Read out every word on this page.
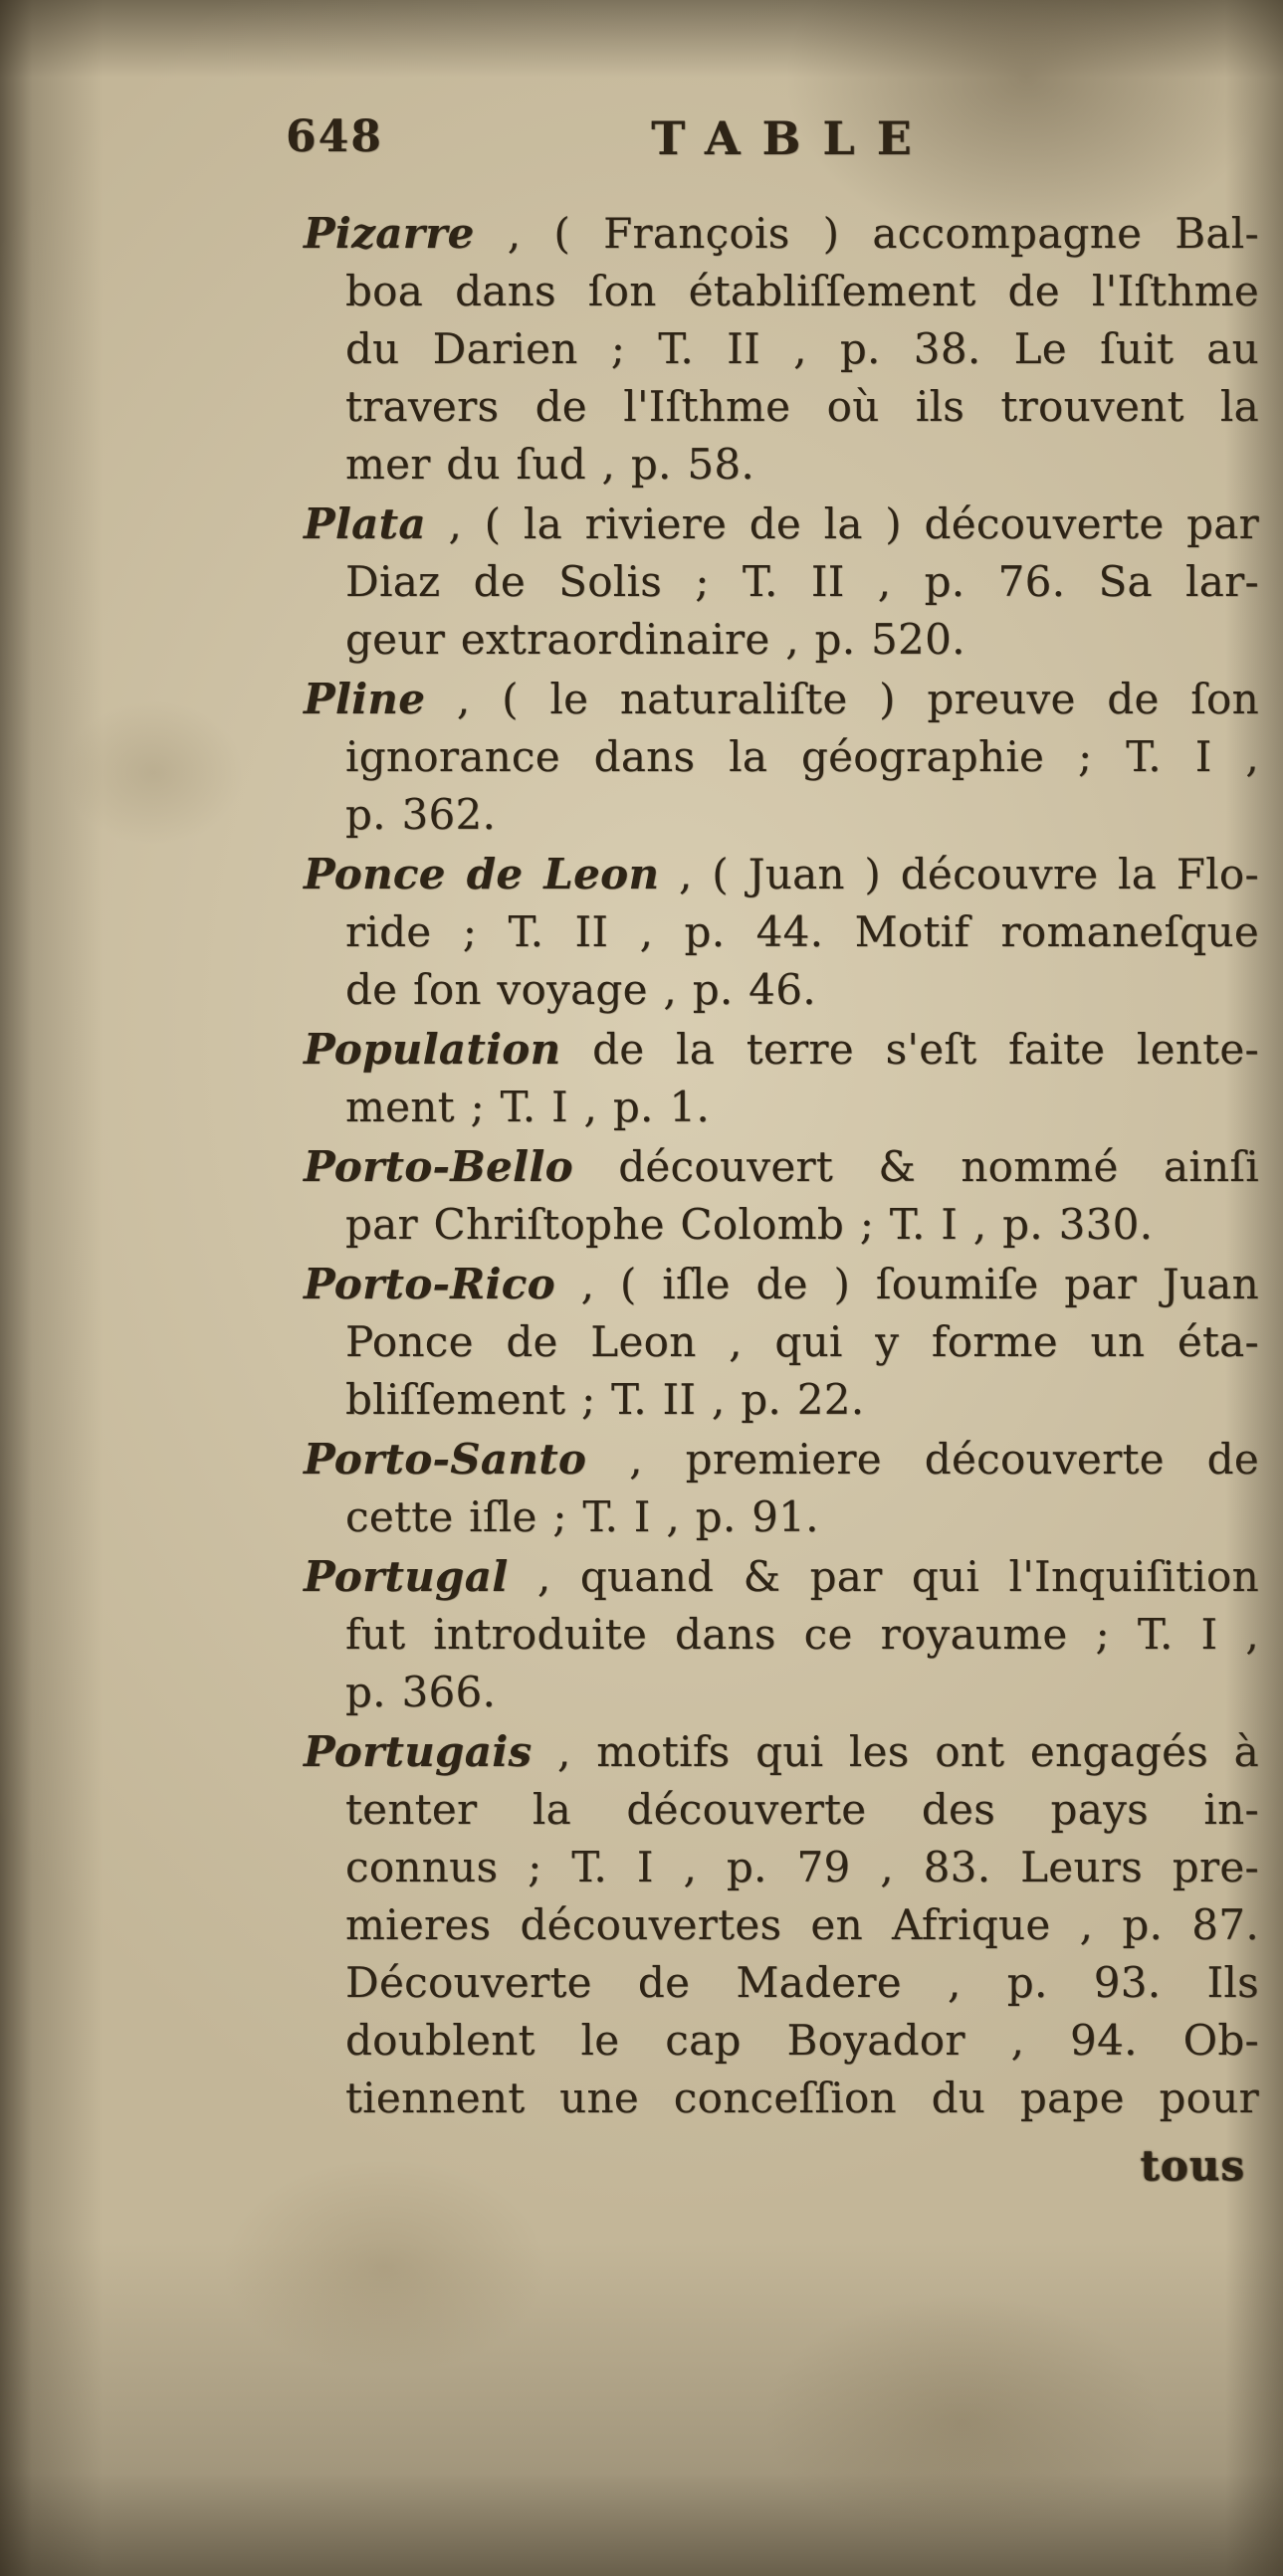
648	TABLE
Pizarre , ( François ) accompagne Bal-
boa dans ſon établiſſement de l'Iſthme
du Darien ; T. II , p. 38. Le ſuit au
travers de l'Iſthme où ils trouvent la
mer du ſud , p. 58.
Plata , ( la riviere de la ) découverte par
Diaz de Solis ; T. II , p. 76. Sa lar-
geur extraordinaire , p. 520.
Pline , ( le naturaliſte ) preuve de ſon
ignorance dans la géographie ; T. I ,
p. 362.
Ponce de Leon , ( Juan ) découvre la Flo-
ride ; T. II , p. 44. Motif romaneſque
de ſon voyage , p. 46.
Population de la terre s'eſt faite lente-
ment ; T. I , p. 1.
Porto-Bello découvert & nommé ainſi
par Chriſtophe Colomb ; T. I , p. 330.
Porto-Rico , ( iſle de ) ſoumiſe par Juan
Ponce de Leon , qui y forme un éta-
bliſſement ; T. II , p. 22.
Porto-Santo , premiere découverte de
cette iſle ; T. I , p. 91.
Portugal , quand & par qui l'Inquiſition
fut introduite dans ce royaume ; T. I ,
p. 366.
Portugais , motifs qui les ont engagés à
tenter la découverte des pays in-
connus ; T. I , p. 79 , 83. Leurs pre-
mieres découvertes en Afrique , p. 87.
Découverte de Madere , p. 93. Ils
doublent le cap Boyador , 94. Ob-
tiennent une conceſſion du pape pour
tous
